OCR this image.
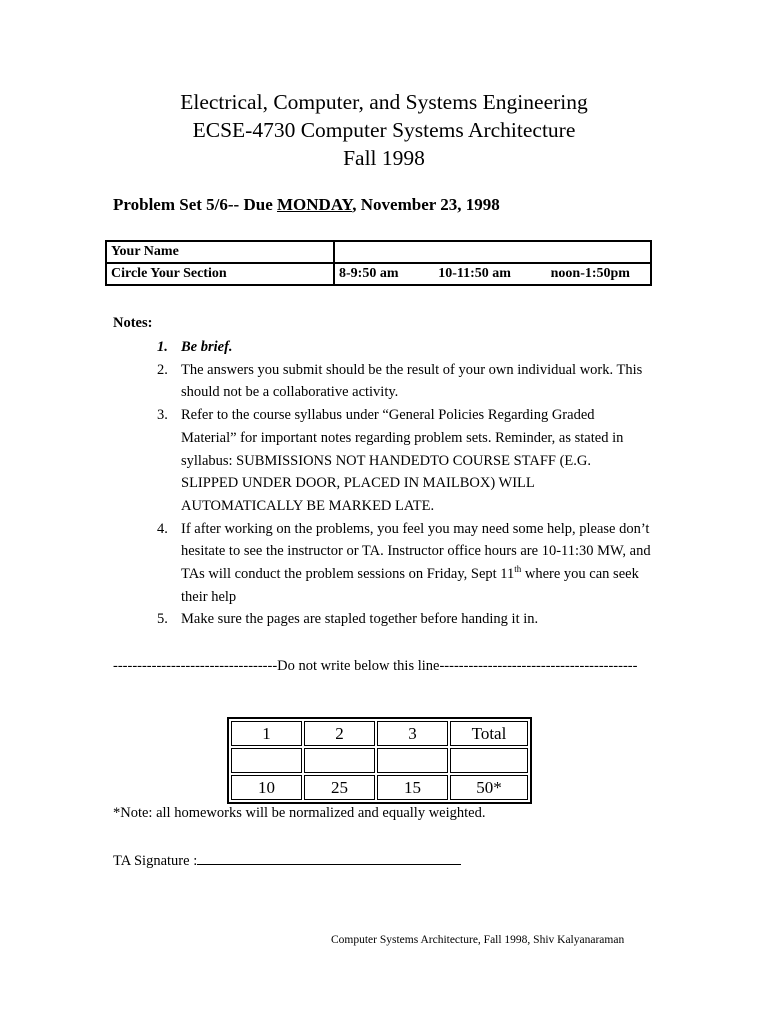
Electrical, Computer, and Systems Engineering
ECSE-4730 Computer Systems Architecture
Fall 1998
Problem Set 5/6-- Due MONDAY, November 23, 1998
Your Name	
Circle Your Section	8-9:50 am 10-11:50 am noon-1:50pm
Notes:
1. Be brief.
2. The answers you submit should be the result of your own individual work. This should not be a collaborative activity.
3. Refer to the course syllabus under “General Policies Regarding Graded Material” for important notes regarding problem sets. Reminder, as stated in syllabus: SUBMISSIONS NOT HANDEDTO COURSE STAFF (E.G. SLIPPED UNDER DOOR, PLACED IN MAILBOX) WILL AUTOMATICALLY BE MARKED LATE.
4. If after working on the problems, you feel you may need some help, please don’t hesitate to see the instructor or TA. Instructor office hours are 10-11:30 MW, and TAs will conduct the problem sessions on Friday, Sept 11th where you can seek their help
5. Make sure the pages are stapled together before handing it in.
----------------------------------Do not write below this line-----------------------------------------
1	2	3	Total

10	25	15	50*
*Note: all homeworks will be normalized and equally weighted.
TA Signature :
Computer Systems Architecture, Fall 1998, Shiv Kalyanaraman
